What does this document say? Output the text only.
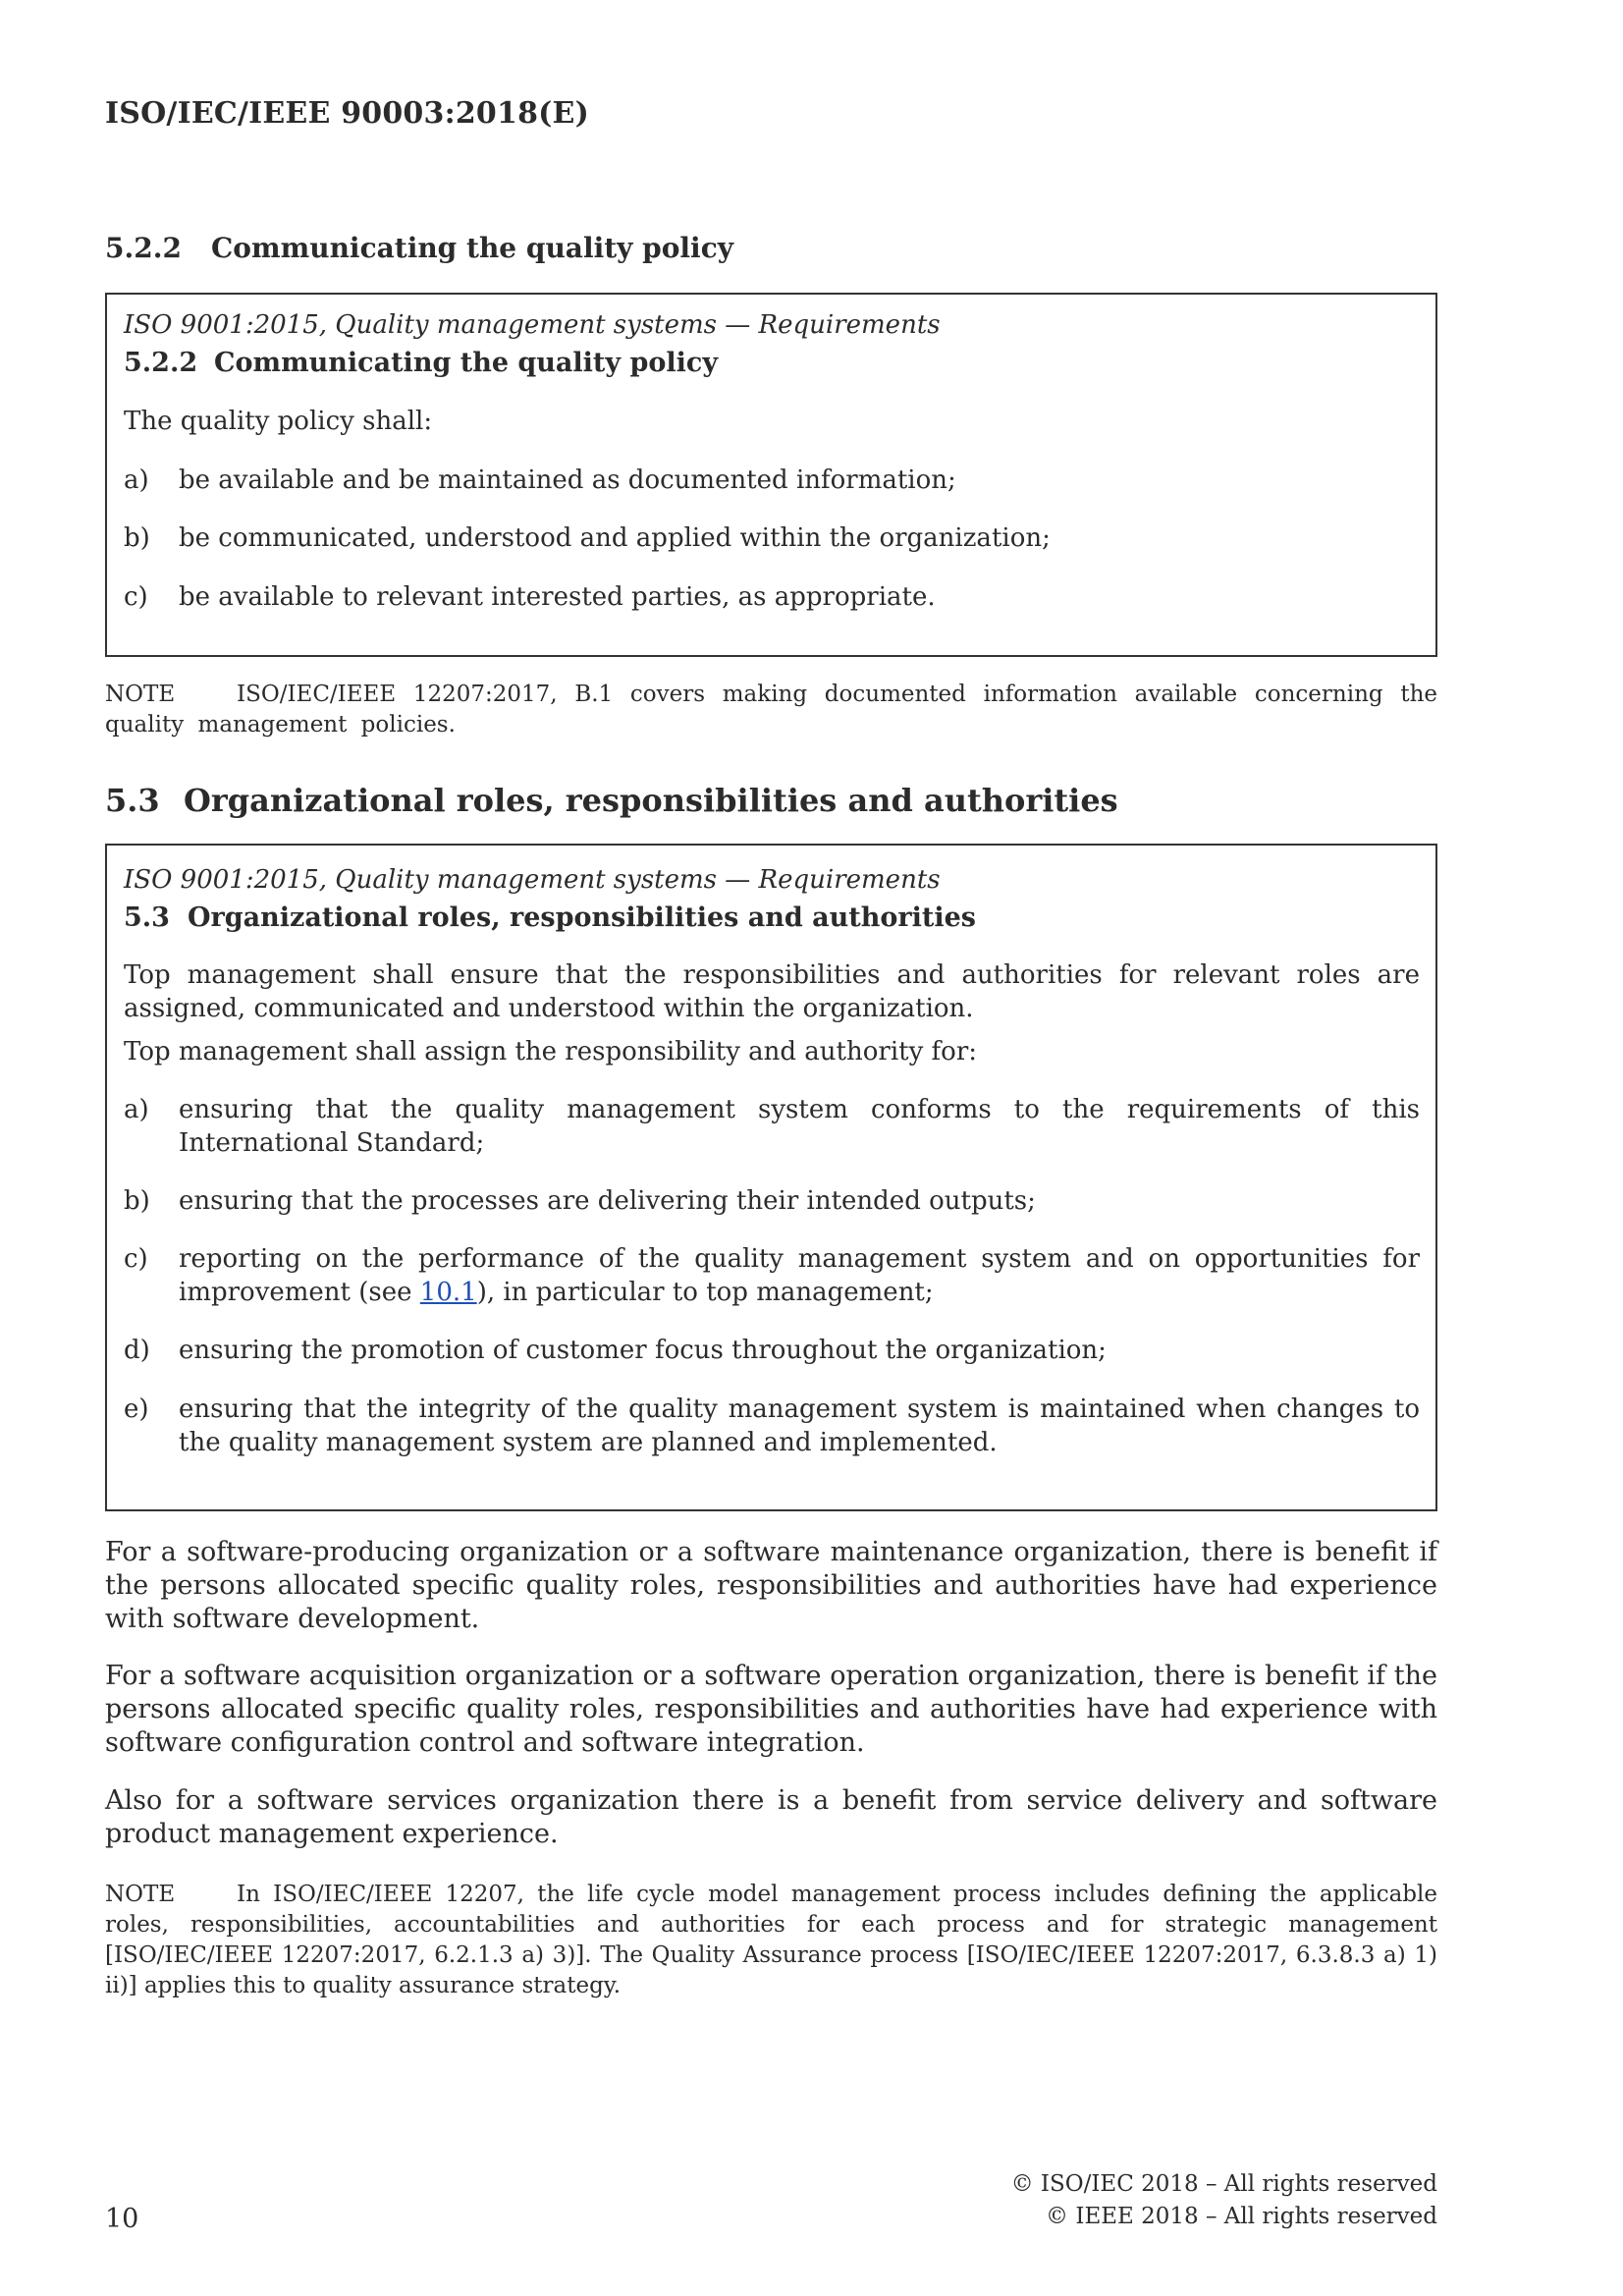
ISO/IEC/IEEE 90003:2018(E)
5.2.2 Communicating the quality policy
ISO 9001:2015, Quality management systems — Requirements
5.2.2 Communicating the quality policy
The quality policy shall:
a)	be available and be maintained as documented information;
b)	be communicated, understood and applied within the organization;
c)	be available to relevant interested parties, as appropriate.
NOTE	ISO/IEC/IEEE 12207:2017, B.1 covers making documented information available concerning the quality management policies.
5.3 Organizational roles, responsibilities and authorities
ISO 9001:2015, Quality management systems — Requirements
5.3 Organizational roles, responsibilities and authorities
Top management shall ensure that the responsibilities and authorities for relevant roles are assigned, communicated and understood within the organization.
Top management shall assign the responsibility and authority for:
a)	ensuring that the quality management system conforms to the requirements of this International Standard;
b)	ensuring that the processes are delivering their intended outputs;
c)	reporting on the performance of the quality management system and on opportunities for improvement (see 10.1), in particular to top management;
d)	ensuring the promotion of customer focus throughout the organization;
e)	ensuring that the integrity of the quality management system is maintained when changes to the quality management system are planned and implemented.
For a software-producing organization or a software maintenance organization, there is benefit if the persons allocated specific quality roles, responsibilities and authorities have had experience with software development.
For a software acquisition organization or a software operation organization, there is benefit if the persons allocated specific quality roles, responsibilities and authorities have had experience with software configuration control and software integration.
Also for a software services organization there is a benefit from service delivery and software product management experience.
NOTE	In ISO/IEC/IEEE 12207, the life cycle model management process includes defining the applicable roles, responsibilities, accountabilities and authorities for each process and for strategic management [ISO/IEC/IEEE 12207:2017, 6.2.1.3 a) 3)]. The Quality Assurance process [ISO/IEC/IEEE 12207:2017, 6.3.8.3 a) 1) ii)] applies this to quality assurance strategy.
10
© ISO/IEC 2018 – All rights reserved
© IEEE 2018 – All rights reserved
